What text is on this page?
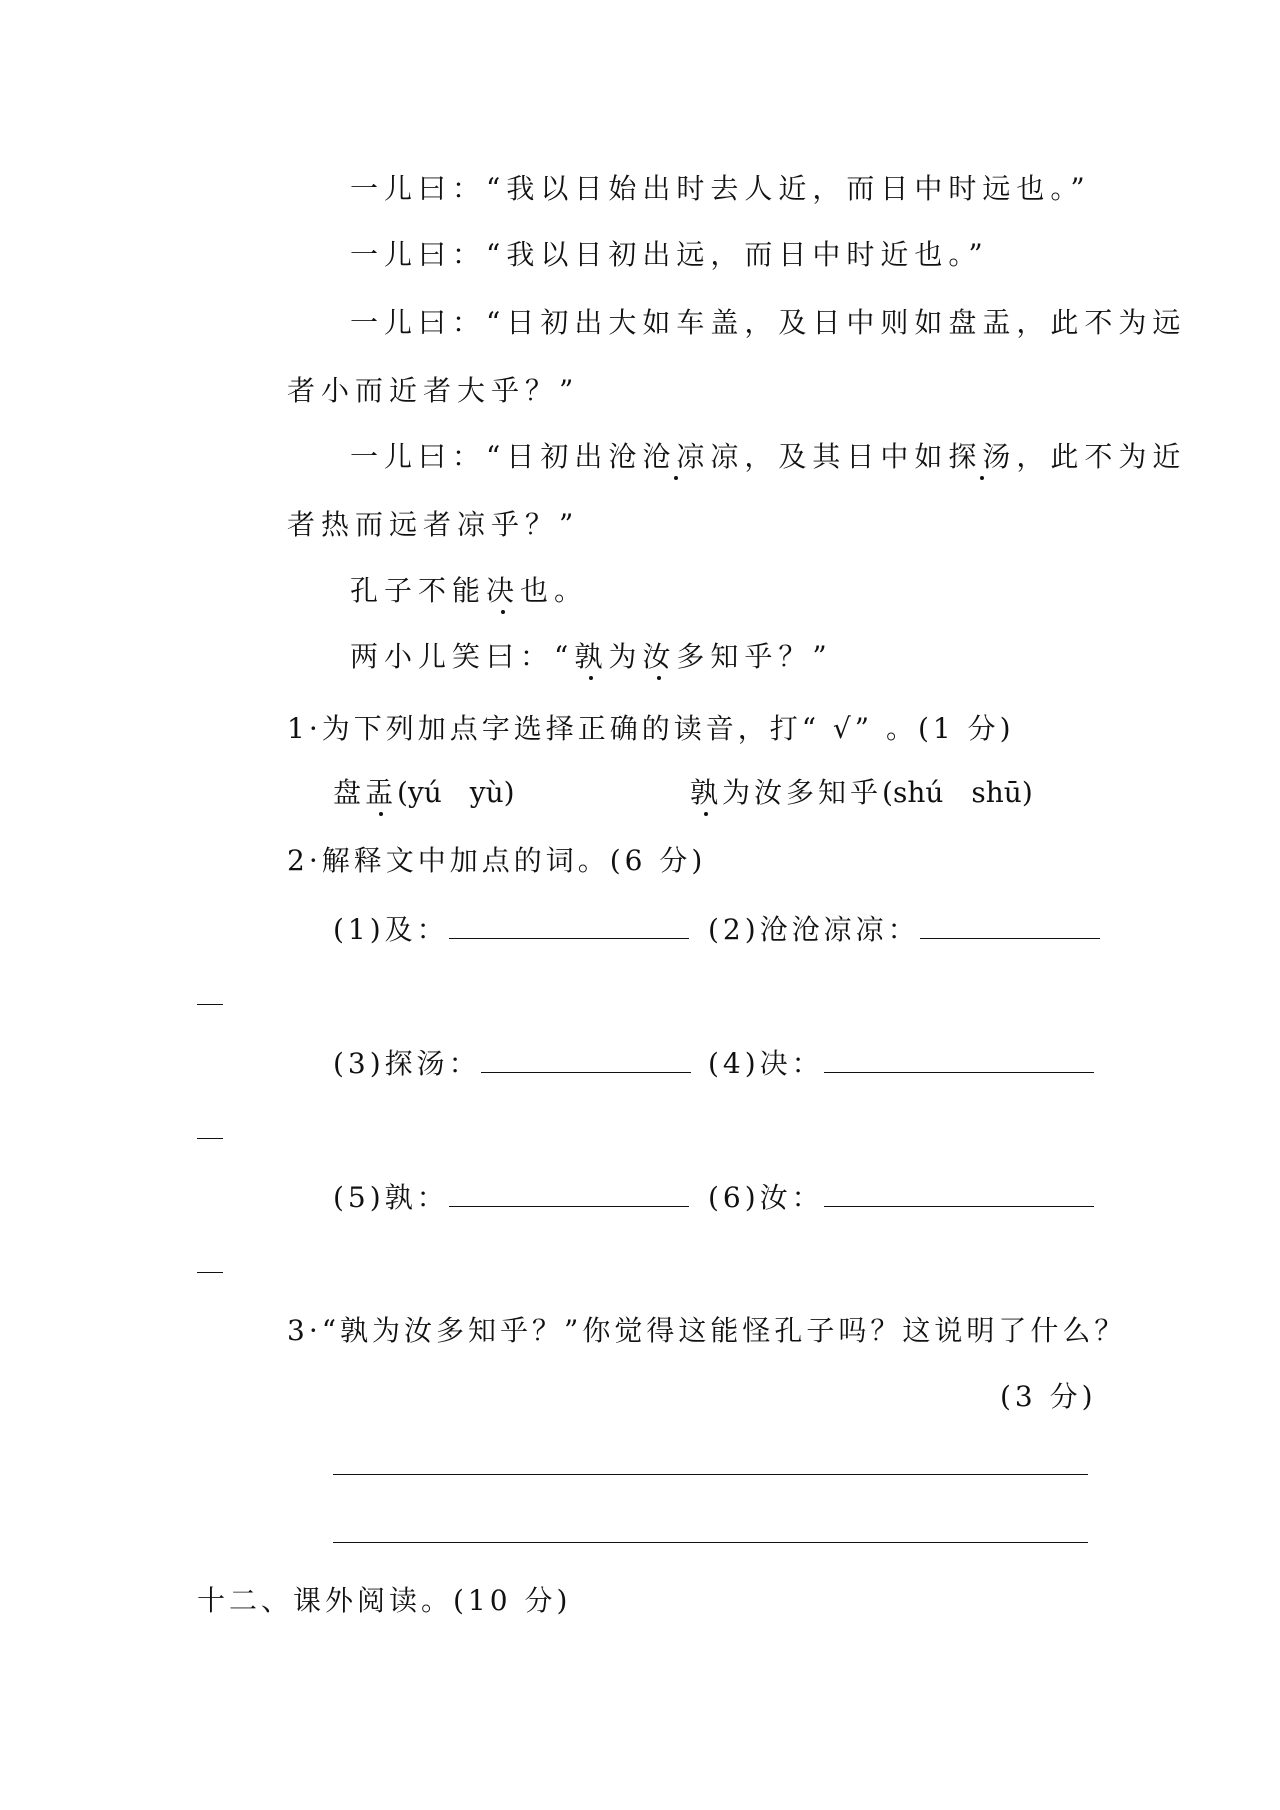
一儿曰：“我以日始出时去人近，而日中时远也。”
一儿曰：“我以日初出远，而日中时近也。”
一儿曰：“日初出大如车盖，及日中则如盘盂，此不为远
者小而近者大乎？”
一儿曰：“日初出沧沧凉凉，及其日中如探汤，此不为近
者热而远者凉乎？”
孔子不能决也。
两小儿笑曰：“孰为汝多知乎？”
1·为下列加点字选择正确的读音，打“ √” 。(1 分)
盘盂(yú　yù)	孰为汝多知乎(shú　shū)
2·解释文中加点的词。(6 分)
(1)及：	(2)沧沧凉凉：
(3)探汤：	(4)决：
(5)孰：	(6)汝：
3·“孰为汝多知乎？”你觉得这能怪孔子吗？这说明了什么？
(3 分)
十二、课外阅读。(10 分)
